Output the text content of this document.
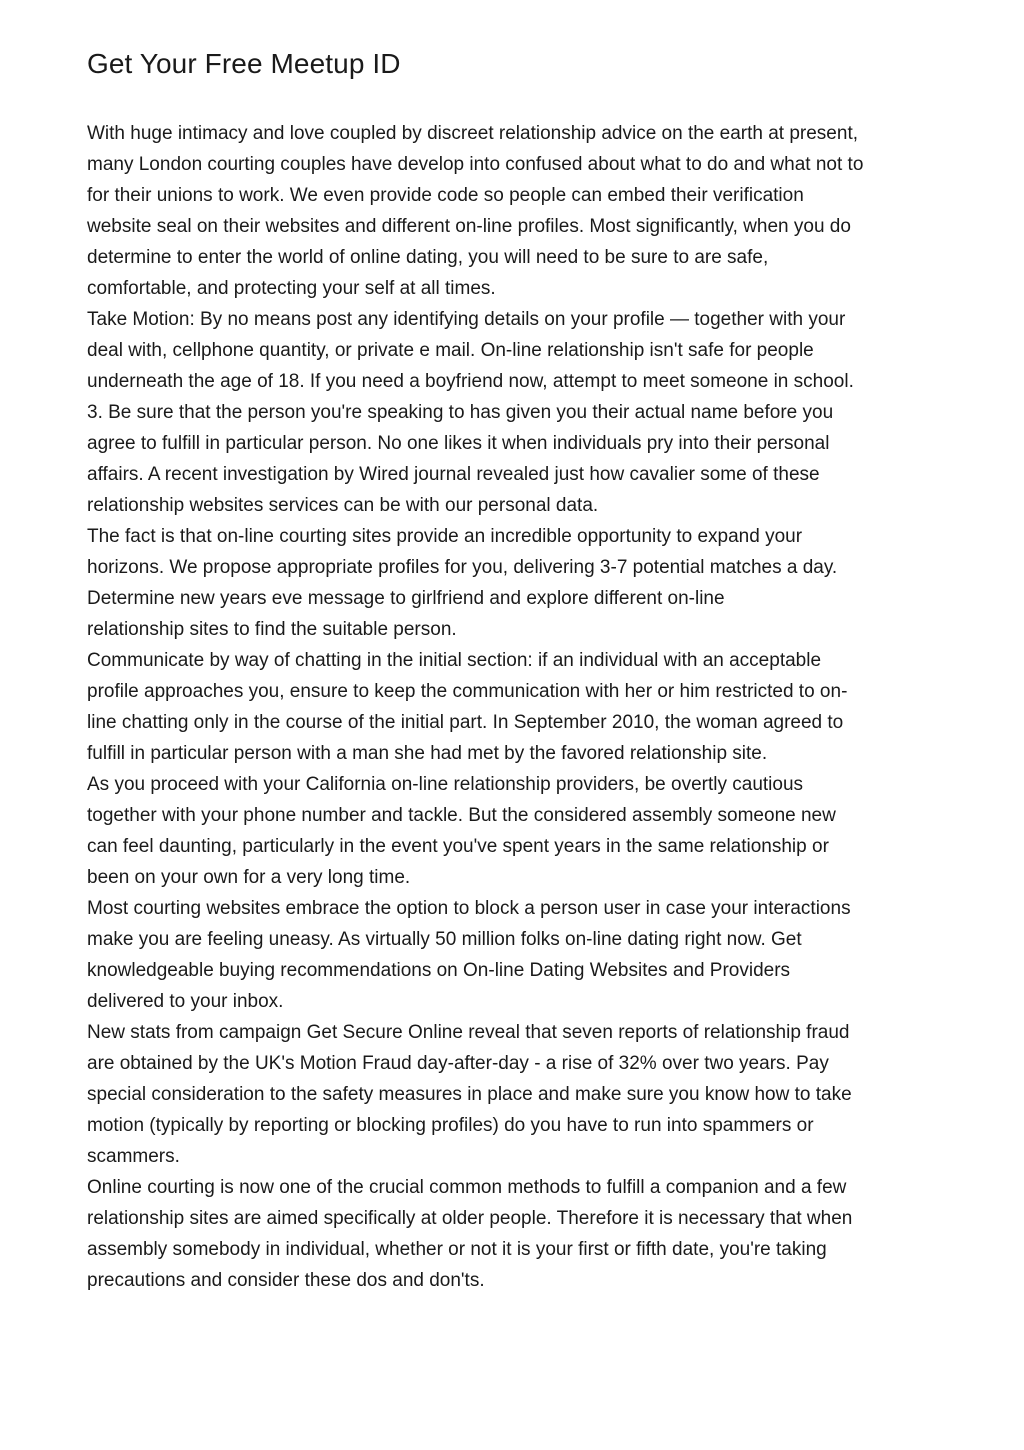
Get Your Free Meetup ID
With huge intimacy and love coupled by discreet relationship advice on the earth at present,
many London courting couples have develop into confused about what to do and what not to
for their unions to work. We even provide code so people can embed their verification
website seal on their websites and different on-line profiles. Most significantly, when you do
determine to enter the world of online dating, you will need to be sure to are safe,
comfortable, and protecting your self at all times.
Take Motion: By no means post any identifying details on your profile — together with your
deal with, cellphone quantity, or private e mail. On-line relationship isn't safe for people
underneath the age of 18. If you need a boyfriend now, attempt to meet someone in school.
3. Be sure that the person you're speaking to has given you their actual name before you
agree to fulfill in particular person. No one likes it when individuals pry into their personal
affairs. A recent investigation by Wired journal revealed just how cavalier some of these
relationship websites services can be with our personal data.
The fact is that on-line courting sites provide an incredible opportunity to expand your
horizons. We propose appropriate profiles for you, delivering 3-7 potential matches a day.
Determine new years eve message to girlfriend and explore different on-line
relationship sites to find the suitable person.
Communicate by way of chatting in the initial section: if an individual with an acceptable
profile approaches you, ensure to keep the communication with her or him restricted to on-
line chatting only in the course of the initial part. In September 2010, the woman agreed to
fulfill in particular person with a man she had met by the favored relationship site.
As you proceed with your California on-line relationship providers, be overtly cautious
together with your phone number and tackle. But the considered assembly someone new
can feel daunting, particularly in the event you've spent years in the same relationship or
been on your own for a very long time.
Most courting websites embrace the option to block a person user in case your interactions
make you are feeling uneasy. As virtually 50 million folks on-line dating right now. Get
knowledgeable buying recommendations on On-line Dating Websites and Providers
delivered to your inbox.
New stats from campaign Get Secure Online reveal that seven reports of relationship fraud
are obtained by the UK's Motion Fraud day-after-day - a rise of 32% over two years. Pay
special consideration to the safety measures in place and make sure you know how to take
motion (typically by reporting or blocking profiles) do you have to run into spammers or
scammers.
Online courting is now one of the crucial common methods to fulfill a companion and a few
relationship sites are aimed specifically at older people. Therefore it is necessary that when
assembly somebody in individual, whether or not it is your first or fifth date, you're taking
precautions and consider these dos and don'ts.
